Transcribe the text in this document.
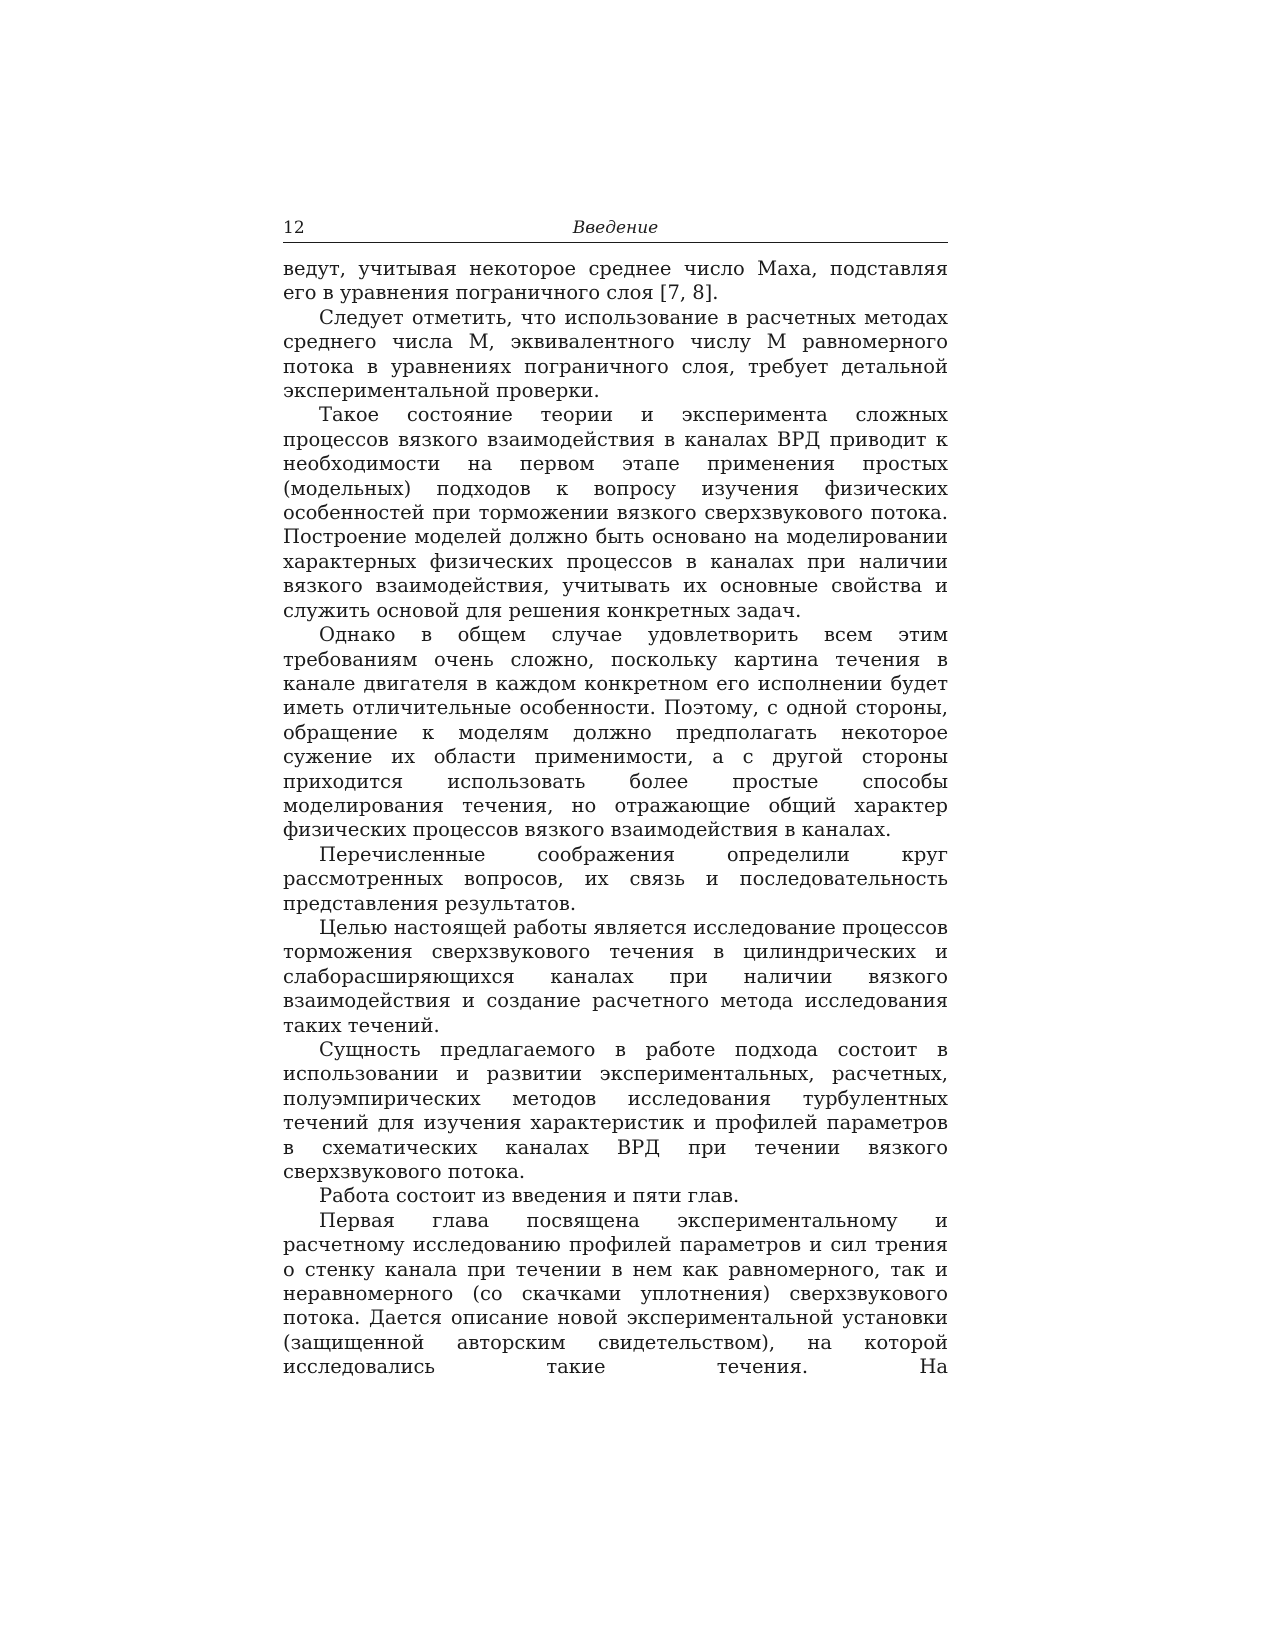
12	Введение

ведут, учитывая некоторое среднее число Маха, подставляя его в уравнения пограничного слоя [7, 8].

Следует отметить, что использование в расчетных методах среднего числа M, эквивалентного числу M равномерного потока в уравнениях пограничного слоя, требует детальной экспериментальной проверки.

Такое состояние теории и эксперимента сложных процессов вязкого взаимодействия в каналах ВРД приводит к необходимости на первом этапе применения простых (модельных) подходов к вопросу изучения физических особенностей при торможении вязкого сверхзвукового потока. Построение моделей должно быть основано на моделировании характерных физических процессов в каналах при наличии вязкого взаимодействия, учитывать их основные свойства и служить основой для решения конкретных задач.

Однако в общем случае удовлетворить всем этим требованиям очень сложно, поскольку картина течения в канале двигателя в каждом конкретном его исполнении будет иметь отличительные особенности. Поэтому, с одной стороны, обращение к моделям должно предполагать некоторое сужение их области применимости, а с другой стороны приходится использовать более простые способы моделирования течения, но отражающие общий характер физических процессов вязкого взаимодействия в каналах.

Перечисленные соображения определили круг рассмотренных вопросов, их связь и последовательность представления результатов.

Целью настоящей работы является исследование процессов торможения сверхзвукового течения в цилиндрических и слаборасширяющихся каналах при наличии вязкого взаимодействия и создание расчетного метода исследования таких течений.

Сущность предлагаемого в работе подхода состоит в использовании и развитии экспериментальных, расчетных, полуэмпирических методов исследования турбулентных течений для изучения характеристик и профилей параметров в схематических каналах ВРД при течении вязкого сверхзвукового потока.

Работа состоит из введения и пяти глав.

Первая глава посвящена экспериментальному и расчетному исследованию профилей параметров и сил трения о стенку канала при течении в нем как равномерного, так и неравномерного (со скачками уплотнения) сверхзвукового потока. Дается описание новой экспериментальной установки (защищенной авторским свидетельством), на которой исследовались такие течения. На
